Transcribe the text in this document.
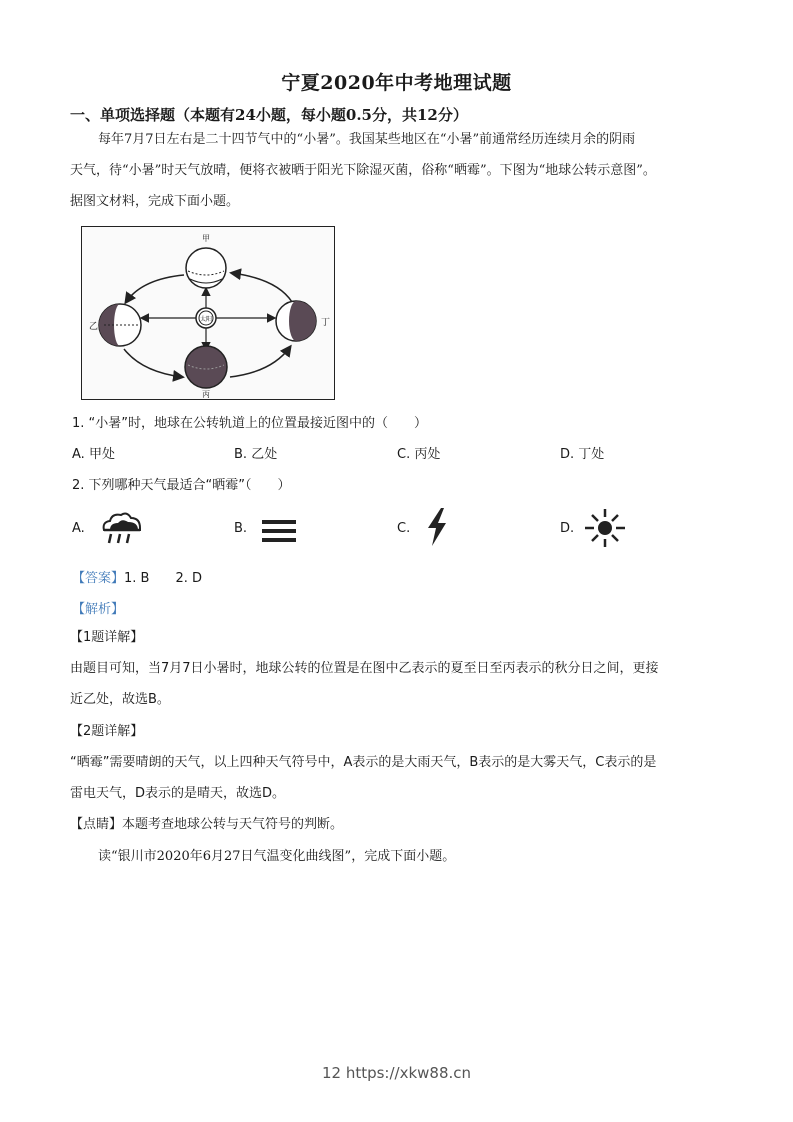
宁夏2020年中考地理试题
一、单项选择题（本题有24小题，每小题0.5分，共12分）
每年7月7日左右是二十四节气中的“小暑”。我国某些地区在“小暑”前通常经历连续月余的阴雨
天气，待“小暑”时天气放晴，便将衣被晒于阳光下除湿灭菌，俗称“晒霉”。下图为“地球公转示意图”。
据图文材料，完成下面小题。
太阳
甲
乙
丙
丁
1. “小暑”时，地球在公转轨道上的位置最接近图中的（　　）
A. 甲处	B. 乙处	C. 丙处	D. 丁处
2. 下列哪种天气最适合“晒霉”（　　）
A.	B.	C.	D.
【答案】1. B　　2. D
【解析】
【1题详解】
由题目可知，当7月7日小暑时，地球公转的位置是在图中乙表示的夏至日至丙表示的秋分日之间，更接
近乙处，故选B。
【2题详解】
“晒霉”需要晴朗的天气，以上四种天气符号中，A表示的是大雨天气，B表示的是大雾天气，C表示的是
雷电天气，D表示的是晴天，故选D。
【点睛】本题考查地球公转与天气符号的判断。
读“银川市2020年6月27日气温变化曲线图”，完成下面小题。
12 https://xkw88.cn
